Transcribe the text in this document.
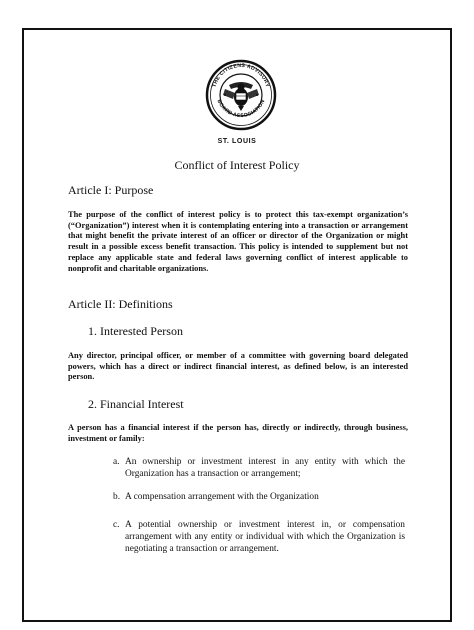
THE CITIZENS ADVISORY
BOARD ASSOCIATION
ST. LOUIS
Conflict of Interest Policy
Article I: Purpose
The purpose of the conflict of interest policy is to protect this tax-exempt organization’s (“Organization”) interest when it is contemplating entering into a transaction or arrangement that might benefit the private interest of an officer or director of the Organization or might result in a possible excess benefit transaction. This policy is intended to supplement but not replace any applicable state and federal laws governing conflict of interest applicable to nonprofit and charitable organizations.
Article II: Definitions
1. Interested Person
Any director, principal officer, or member of a committee with governing board delegated powers, which has a direct or indirect financial interest, as defined below, is an interested person.
2. Financial Interest
A person has a financial interest if the person has, directly or indirectly, through business, investment or family:
a. An ownership or investment interest in any entity with which the Organization has a transaction or arrangement;
b. A compensation arrangement with the Organization
c. A potential ownership or investment interest in, or compensation arrangement with any entity or individual with which the Organization is negotiating a transaction or arrangement.
